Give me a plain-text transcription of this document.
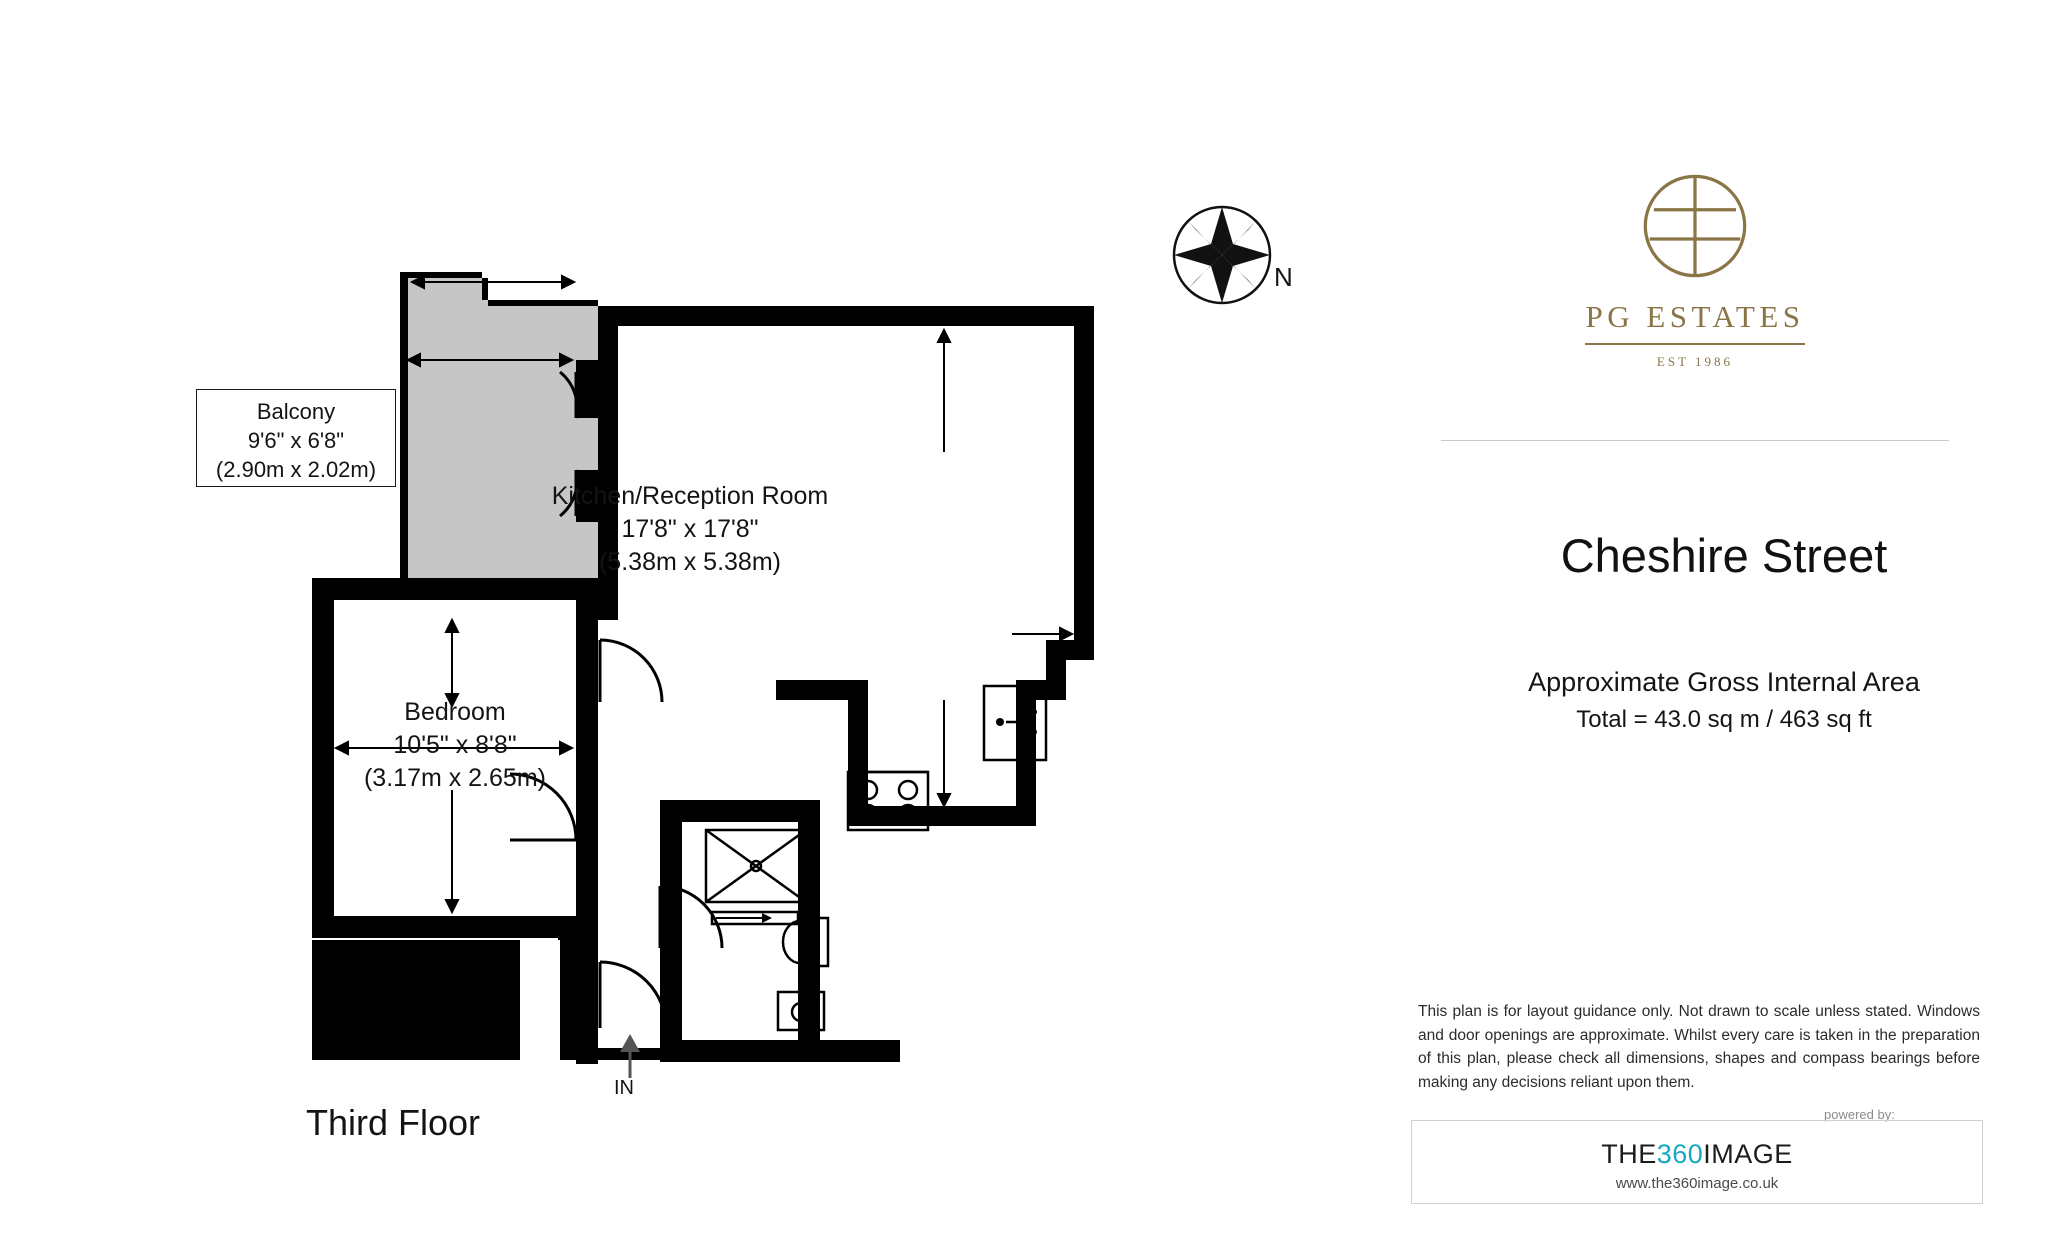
Balcony
9'6" x 6'8"
(2.90m x 2.02m)
Kitchen/Reception Room
17'8" x 17'8"
(5.38m x 5.38m)
Bedroom
10'5" x 8'8"
(3.17m x 2.65m)
Third Floor
IN
N
PG ESTATES
EST 1986
Cheshire Street
Approximate Gross Internal Area
Total = 43.0 sq m / 463 sq ft
This plan is for layout guidance only. Not drawn to scale unless stated. Windows and door openings are approximate. Whilst every care is taken in the preparation of this plan, please check all dimensions, shapes and compass bearings before making any decisions reliant upon them.
powered by:
THE360IMAGE
www.the360image.co.uk
